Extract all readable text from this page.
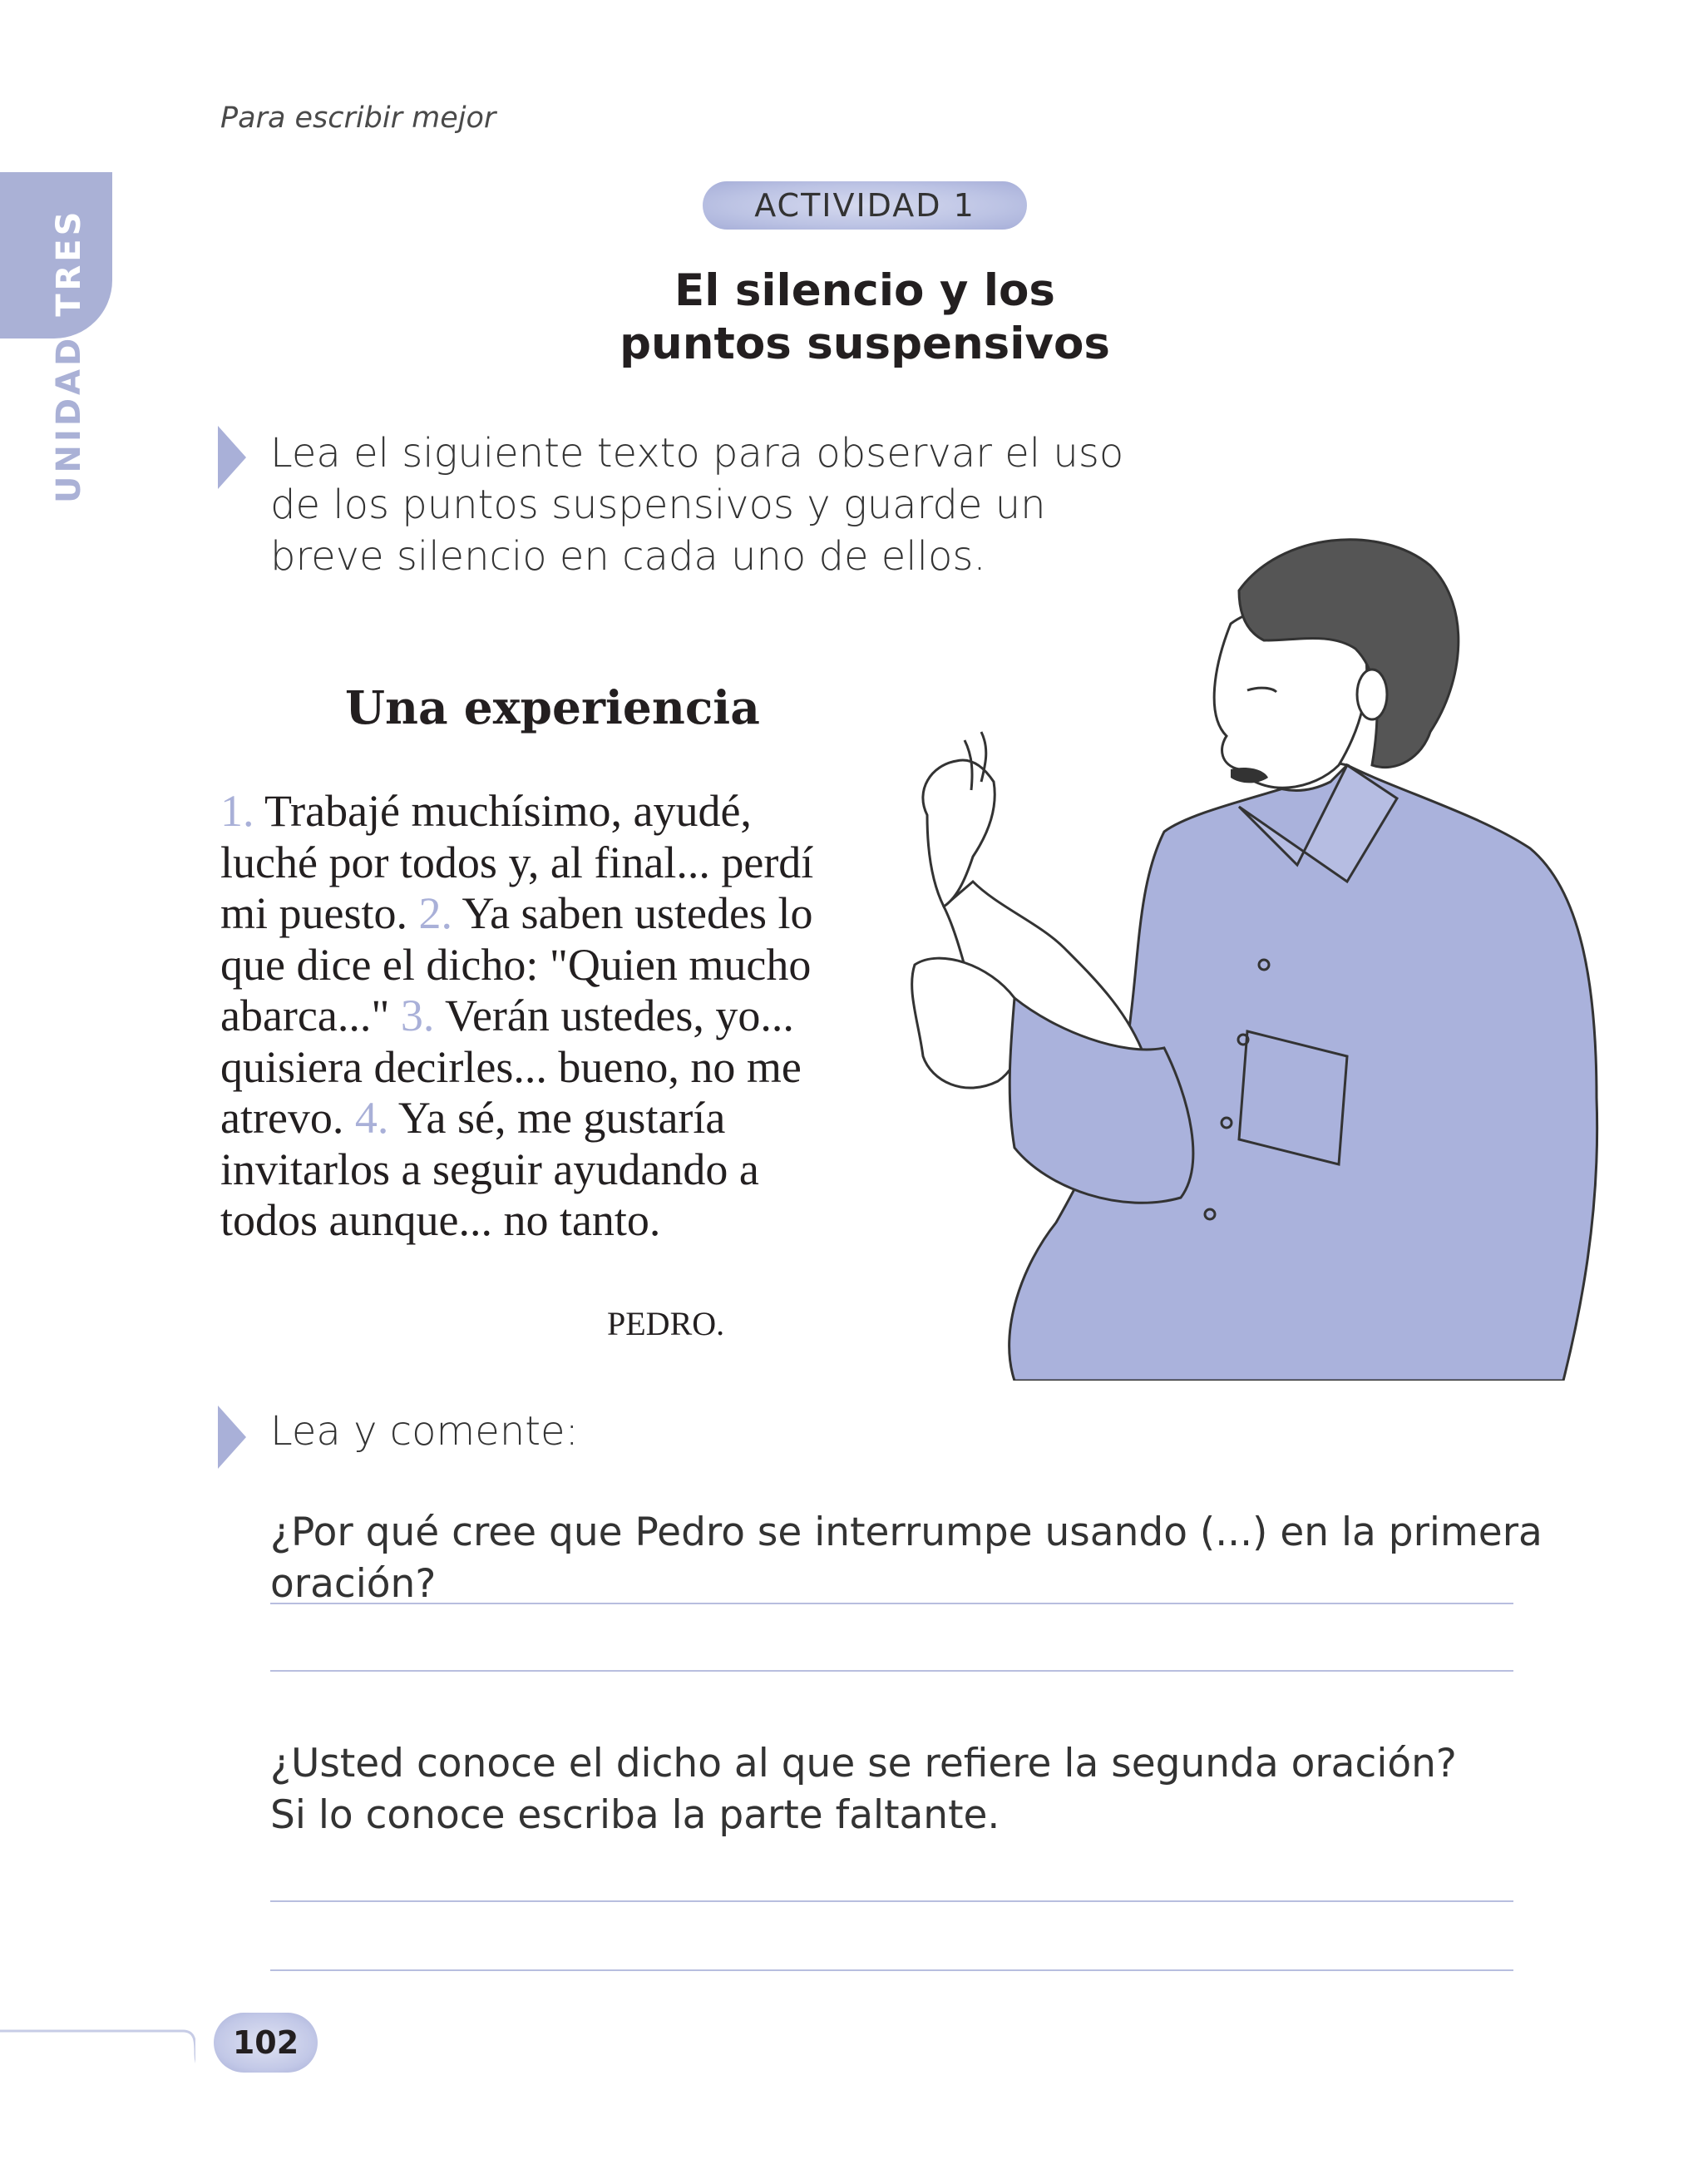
Para escribir mejor
UNIDADTRES
ACTIVIDAD 1
El silencio y los
puntos suspensivos
Lea el siguiente texto para observar el uso
de los puntos suspensivos y guarde un
breve silencio en cada uno de ellos.
Una experiencia
1. Trabajé muchísimo, ayudé,
luché por todos y, al final... perdí
mi puesto. 2. Ya saben ustedes lo
que dice el dicho: "Quien mucho
abarca..." 3. Verán ustedes, yo...
quisiera decirles... bueno, no me
atrevo. 4. Ya sé, me gustaría
invitarlos a seguir ayudando a
todos aunque... no tanto.
PEDRO.
Lea y comente:
¿Por qué cree que Pedro se interrumpe usando (...) en la primera oración?
¿Usted conoce el dicho al que se refiere la segunda oración?
Si lo conoce escriba la parte faltante.
102
